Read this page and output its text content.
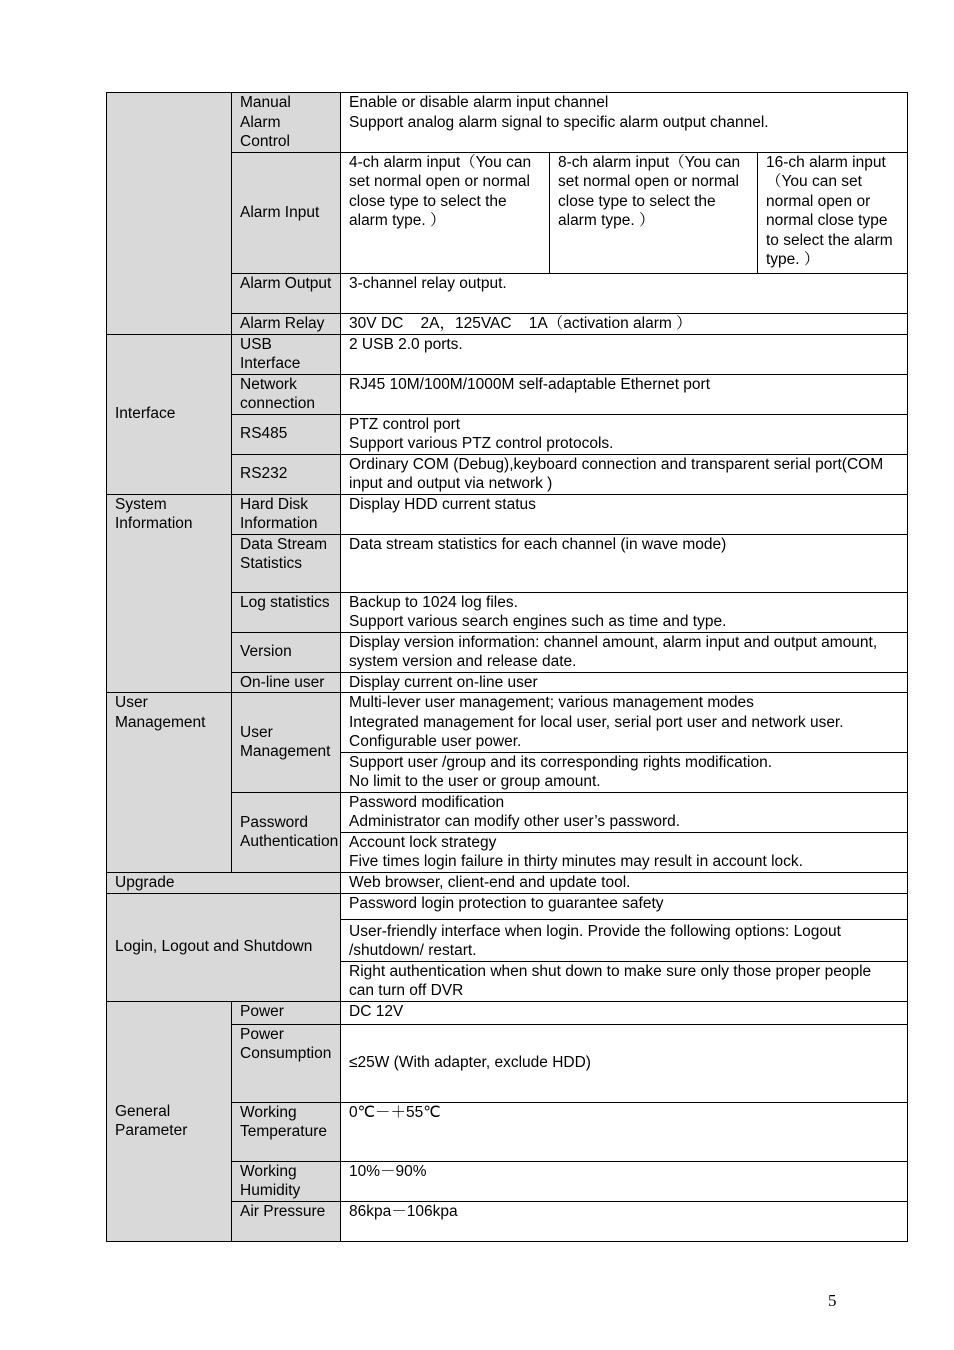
	Manual Alarm Control	Enable or disable alarm input channel
Support analog alarm signal to specific alarm output channel.		

	Alarm Input	4-ch alarm input（You can set normal open or normal close type to select the alarm type. ）	8-ch alarm input（You can set normal open or normal close type to select the alarm type. ）	16-ch alarm input（You can set normal open or normal close type to select the alarm type. ）
	Alarm Output	3-channel relay output.		
	Alarm Relay	30V DC    2A，125VAC    1A（activation alarm ）		
Interface	USB Interface	2 USB 2.0 ports.		
	Network connection	RJ45 10M/100M/1000M self-adaptable Ethernet port		
	RS485	PTZ control port
Support various PTZ control protocols.		

	RS232	Ordinary COM (Debug),keyboard connection and transparent serial port(COM input and output via network )		
System Information	Hard Disk Information	Display HDD current status		
	Data Stream Statistics	Data stream statistics for each channel (in wave mode)		
	Log statistics	Backup to 1024 log files.
Support various search engines such as time and type.		

	Version	Display version information: channel amount, alarm input and output amount, system version and release date.		
	On-line user	Display current on-line user		
User Management	User Management	Multi-lever user management; various management modes
Integrated management for local user, serial port user and network user.
Configurable user power.		

		Support user /group and its corresponding rights modification.
No limit to the user or group amount.		

	Password Authentication	Password modification
Administrator can modify other user’s password.		

		Account lock strategy
Five times login failure in thirty minutes may result in account lock.		

Upgrade		Web browser, client-end and update tool.		
Login, Logout and Shutdown		Password login protection to guarantee safety		
		User-friendly interface when login. Provide the following options: Logout /shutdown/ restart.		
		Right authentication when shut down to make sure only those proper people can turn off DVR		
General Parameter	Power	DC 12V		
	Power Consumption	≤25W (With adapter, exclude HDD)		
	Working Temperature	0℃－＋55℃		
	Working Humidity	10%－90%		
	Air Pressure	86kpa－106kpa		
5
